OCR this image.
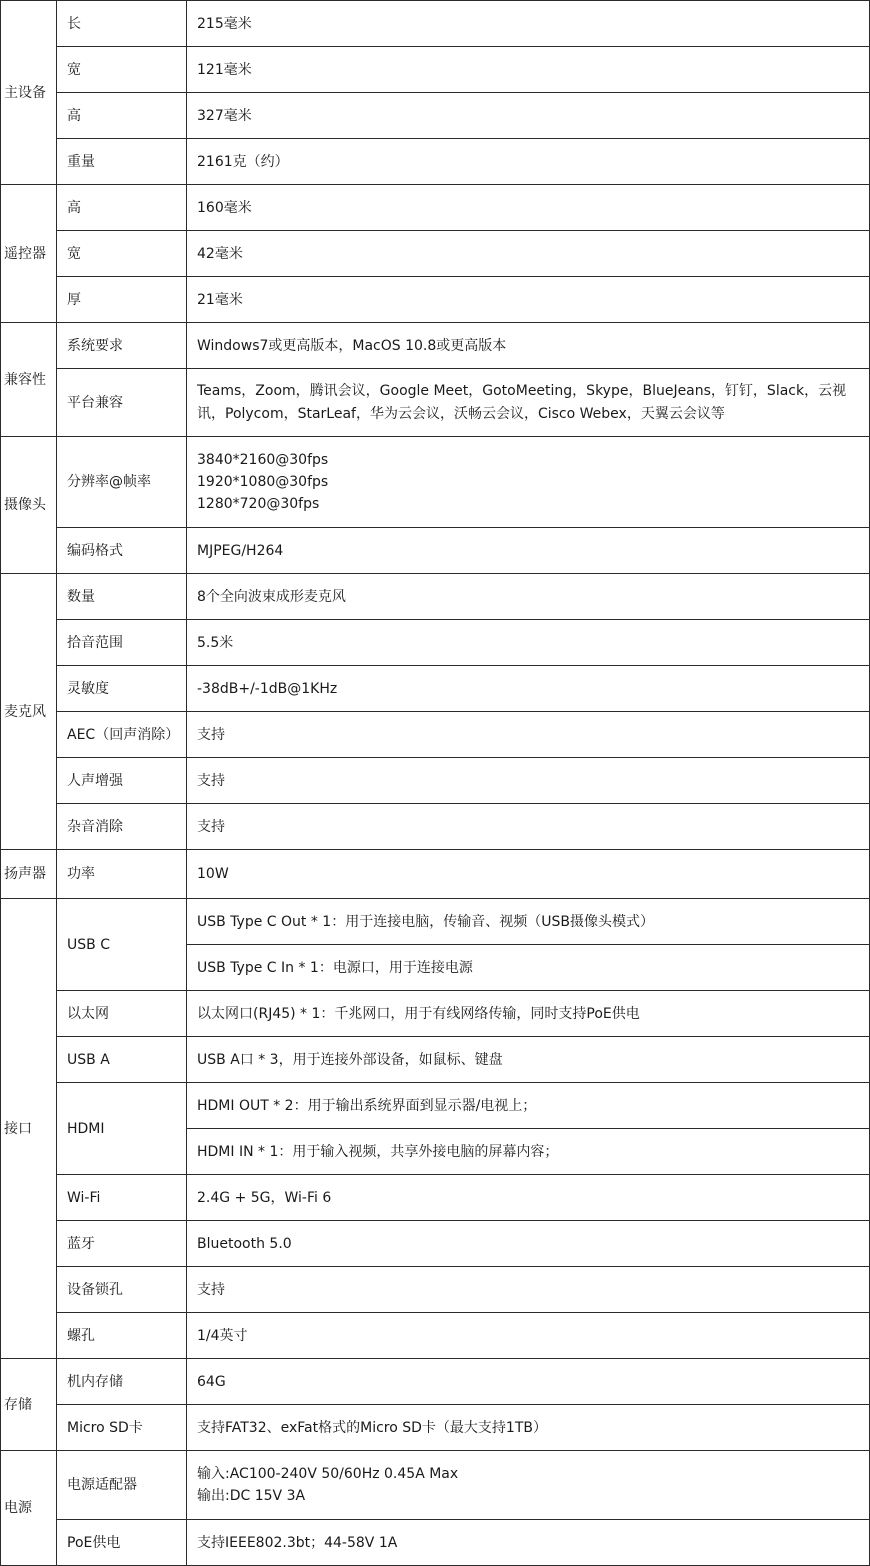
主设备	长	215毫米
	宽	121毫米
	高	327毫米
	重量	2161克（约）
遥控器	高	160毫米
	宽	42毫米
	厚	21毫米
兼容性	系统要求	Windows7或更高版本，MacOS 10.8或更高版本
	平台兼容	Teams，Zoom，腾讯会议，Google Meet，GotoMeeting，Skype，BlueJeans，钉钉，Slack，云视讯，Polycom，StarLeaf，华为云会议，沃畅云会议，Cisco Webex，天翼云会议等
摄像头	分辨率@帧率	3840*2160@30fps
1920*1080@30fps
1280*720@30fps

	编码格式	MJPEG/H264
麦克风	数量	8个全向波束成形麦克风
	拾音范围	5.5米
	灵敏度	-38dB+/-1dB@1KHz
	AEC（回声消除）	支持
	人声增强	支持
	杂音消除	支持
扬声器	功率	10W
接口	USB C	USB Type C Out * 1：用于连接电脑，传输音、视频（USB摄像头模式）
		USB Type C In * 1：电源口，用于连接电源
	以太网	以太网口(RJ45) * 1：千兆网口，用于有线网络传输，同时支持PoE供电
	USB A	USB A口 * 3，用于连接外部设备，如鼠标、键盘
	HDMI	HDMI OUT * 2：用于输出系统界面到显示器/电视上；
		HDMI IN * 1：用于输入视频，共享外接电脑的屏幕内容；
	Wi-Fi	2.4G + 5G，Wi-Fi 6
	蓝牙	Bluetooth 5.0
	设备锁孔	支持
	螺孔	1/4英寸
存储	机内存储	64G
	Micro SD卡	支持FAT32、exFat格式的Micro SD卡（最大支持1TB）
电源	电源适配器	输入:AC100-240V 50/60Hz 0.45A Max
输出:DC 15V 3A

	PoE供电	支持IEEE802.3bt；44-58V 1A
